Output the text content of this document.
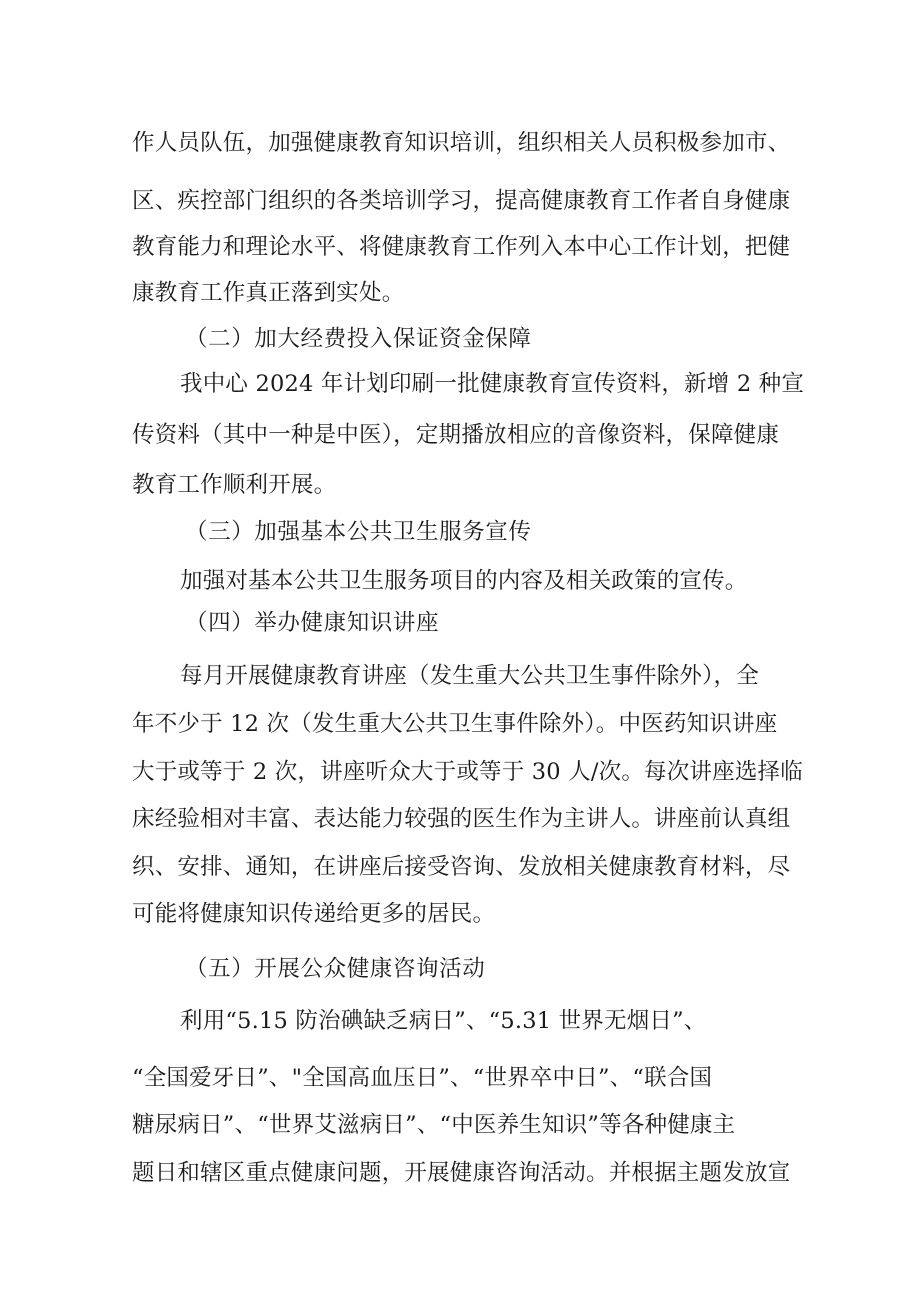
作人员队伍，加强健康教育知识培训，组织相关人员积极参加市、
区、疾控部门组织的各类培训学习，提高健康教育工作者自身健康
教育能力和理论水平、将健康教育工作列入本中心工作计划，把健
康教育工作真正落到实处。
（二）加大经费投入保证资金保障
我中心 2024 年计划印刷一批健康教育宣传资料，新增 2 种宣
传资料（其中一种是中医），定期播放相应的音像资料，保障健康
教育工作顺利开展。
（三）加强基本公共卫生服务宣传
加强对基本公共卫生服务项目的内容及相关政策的宣传。
（四）举办健康知识讲座
每月开展健康教育讲座（发生重大公共卫生事件除外），全
年不少于 12 次（发生重大公共卫生事件除外）。中医药知识讲座
大于或等于 2 次，讲座听众大于或等于 30 人/次。每次讲座选择临
床经验相对丰富、表达能力较强的医生作为主讲人。讲座前认真组
织、安排、通知，在讲座后接受咨询、发放相关健康教育材料，尽
可能将健康知识传递给更多的居民。
（五）开展公众健康咨询活动
利用“5.15 防治碘缺乏病日”、“5.31 世界无烟日”、
“全国爱牙日”、"全国高血压日”、“世界卒中日”、“联合国
糖尿病日”、“世界艾滋病日”、“中医养生知识”等各种健康主
题日和辖区重点健康问题，开展健康咨询活动。并根据主题发放宣
